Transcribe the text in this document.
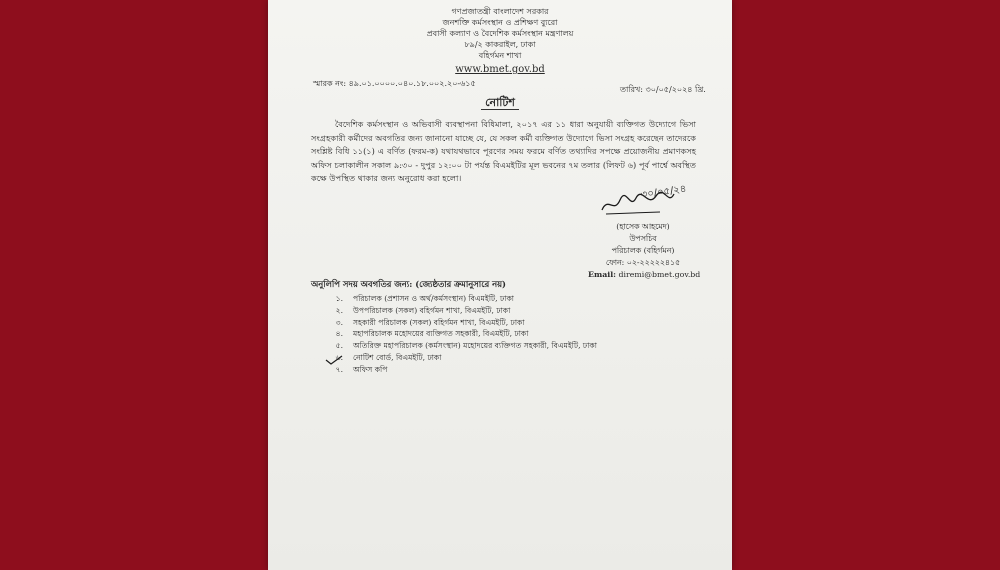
গণপ্রজাতন্ত্রী বাংলাদেশ সরকার
জনশক্তি কর্মসংস্থান ও প্রশিক্ষণ ব্যুরো
প্রবাসী কল্যাণ ও বৈদেশিক কর্মসংস্থান মন্ত্রণালয়
৮৯/২ কাকরাইল, ঢাকা
বহির্গমন শাখা
www.bmet.gov.bd
স্মারক নং: ৪৯.০১.০০০০.০৪০.১৮.০০২.২০-৬১৫
তারিখ: ৩০/০৫/২০২৪ খ্রি.
নোটিশ

বৈদেশিক কর্মসংস্থান ও অভিবাসী ব্যবস্থাপনা বিধিমালা, ২০১৭ এর ১১ ধারা অনুযায়ী ব্যক্তিগত উদ্যোগে ভিসা সংগ্রহকারী কর্মীদের অবগতির জন্য জানানো যাচ্ছে যে, যে সকল কর্মী ব্যক্তিগত উদ্যোগে ভিসা সংগ্রহ করেছেন তাদেরকে সংশ্লিষ্ট বিধি ১১(১) এ বর্ণিত (ফরম-ক) যথাযথভাবে পূরণের সময় ফরমে বর্ণিত তথ্যাদির সপক্ষে প্রয়োজনীয় প্রমাণকসহ অফিস চলাকালীন সকাল ৯:৩০ - দুপুর ১২:০০ টা পর্যন্ত বিএমইটির মূল ভবনের ৭ম তলার (লিফট ৬) পূর্ব পার্শ্বে অবস্থিত কক্ষে উপস্থিত থাকার জন্য অনুরোধ করা হলো।

৩০/০৫/২৪
(হাসেক আহমেদ)
উপসচিব
পরিচালক (বহির্গমন)
ফোন: ০২-২২২২২৪১৫
Email: diremi@bmet.gov.bd
অনুলিপি সদয় অবগতির জন্য: (জ্যেষ্ঠতার ক্রমানুসারে নয়)
১. পরিচালক (প্রশাসন ও অর্থ/কর্মসংস্থান) বিএমইটি, ঢাকা
২. উপপরিচালক (সকল) বহির্গমন শাখা, বিএমইটি, ঢাকা
৩. সহকারী পরিচালক (সকল) বহির্গমন শাখা, বিএমইটি, ঢাকা
৪. মহাপরিচালক মহোদয়ের ব্যক্তিগত সহকারী, বিএমইটি, ঢাকা
৫. অতিরিক্ত মহাপরিচালক (কর্মসংস্থান) মহোদয়ের ব্যক্তিগত সহকারী, বিএমইটি, ঢাকা
৬. নোটিশ বোর্ড, বিএমইটি, ঢাকা
৭. অফিস কপি
